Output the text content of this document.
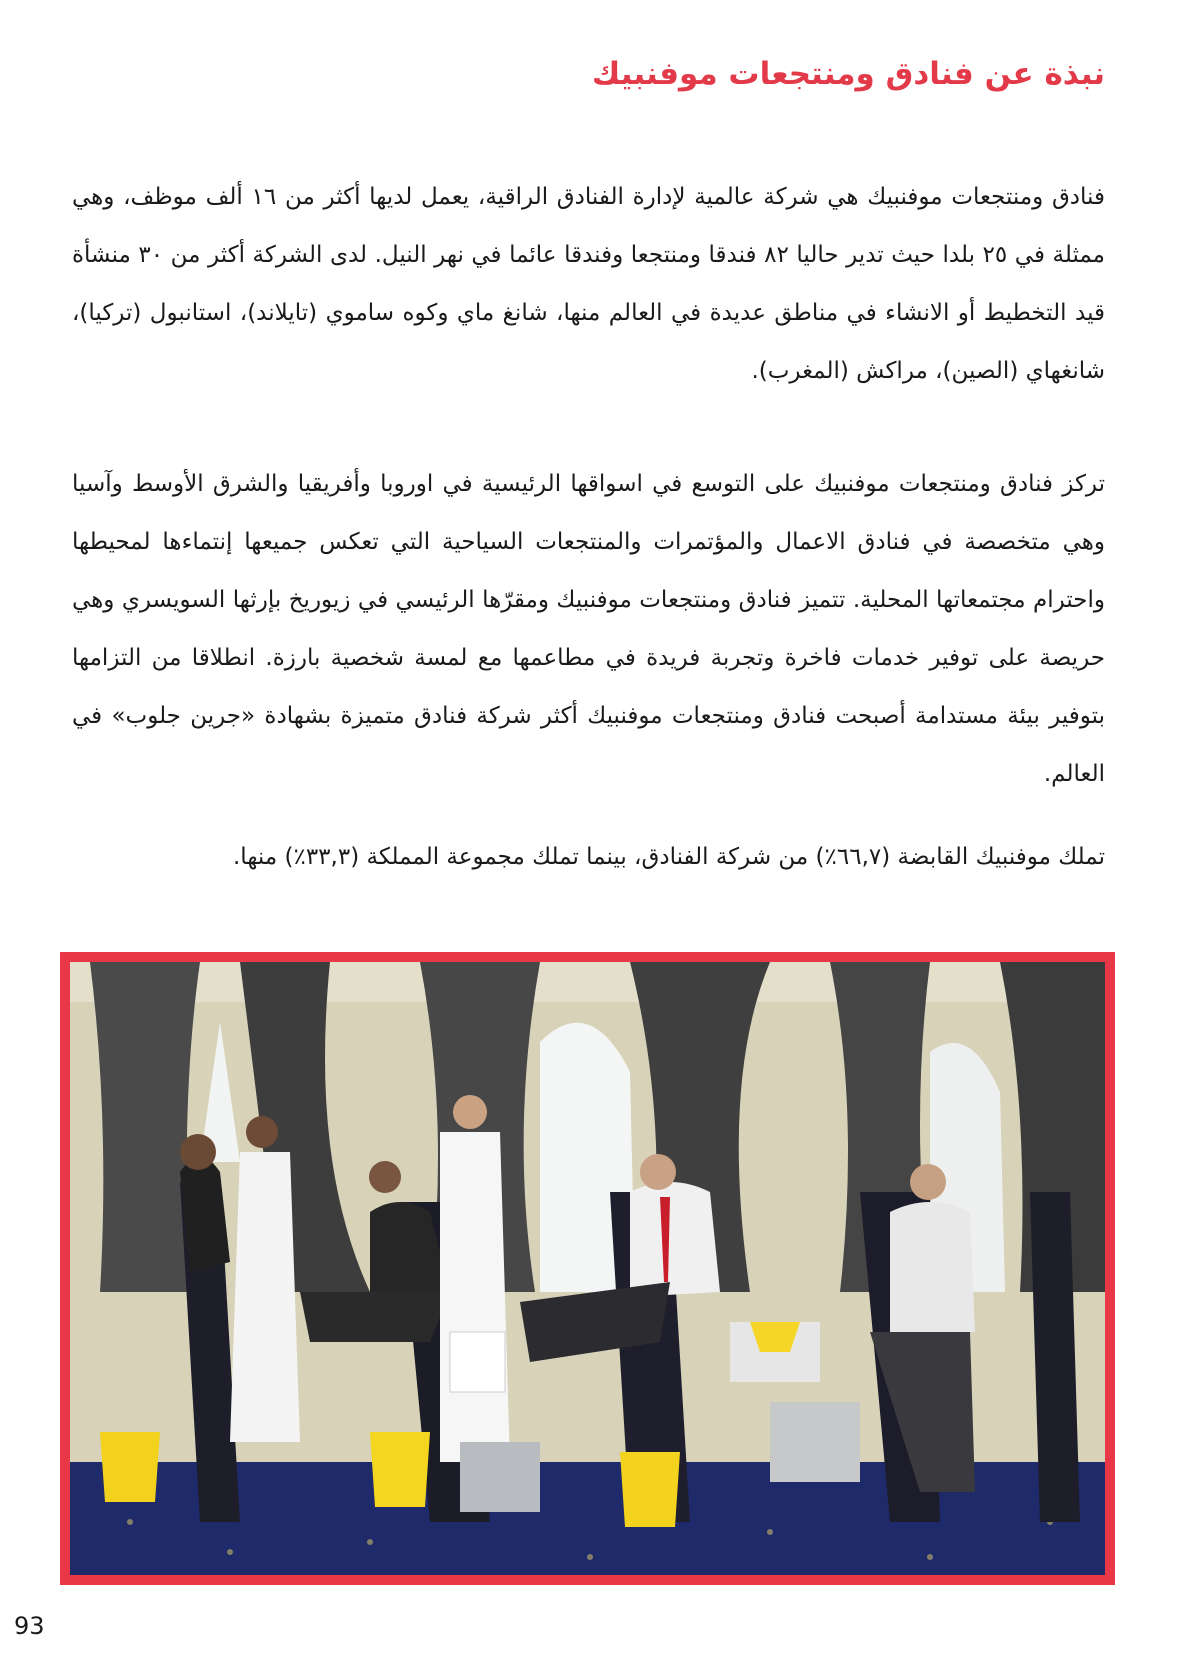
نبذة عن فنادق ومنتجعات موفنبيك

فنادق ومنتجعات موفنبيك هي شركة عالمية لإدارة الفنادق الراقية، يعمل لديها أكثر من ١٦ ألف موظف، وهي ممثلة في ٢٥ بلدا حيث تدير حاليا ٨٢ فندقا ومنتجعا وفندقا عائما في نهر النيل. لدى الشركة أكثر من ٣٠ منشأة قيد التخطيط أو الانشاء في مناطق عديدة في العالم منها، شانغ ماي وكوه ساموي (تايلاند)، استانبول (تركيا)، شانغهاي (الصين)، مراكش (المغرب).

تركز فنادق ومنتجعات موفنبيك على التوسع في اسواقها الرئيسية في اوروبا وأفريقيا والشرق الأوسط وآسيا وهي متخصصة في فنادق الاعمال والمؤتمرات والمنتجعات السياحية التي تعكس جميعها إنتماءها لمحيطها واحترام مجتمعاتها المحلية. تتميز فنادق ومنتجعات موفنبيك ومقرّها الرئيسي في زيوريخ بإرثها السويسري وهي حريصة على توفير خدمات فاخرة وتجربة فريدة في مطاعمها مع لمسة شخصية بارزة. انطلاقا من التزامها بتوفير بيئة مستدامة أصبحت فنادق ومنتجعات موفنبيك أكثر شركة فنادق متميزة بشهادة «جرين جلوب» في العالم.

تملك موفنبيك القابضة (٦٦,٧٪) من شركة الفنادق، بينما تملك مجموعة المملكة (٣٣,٣٪) منها.

93
